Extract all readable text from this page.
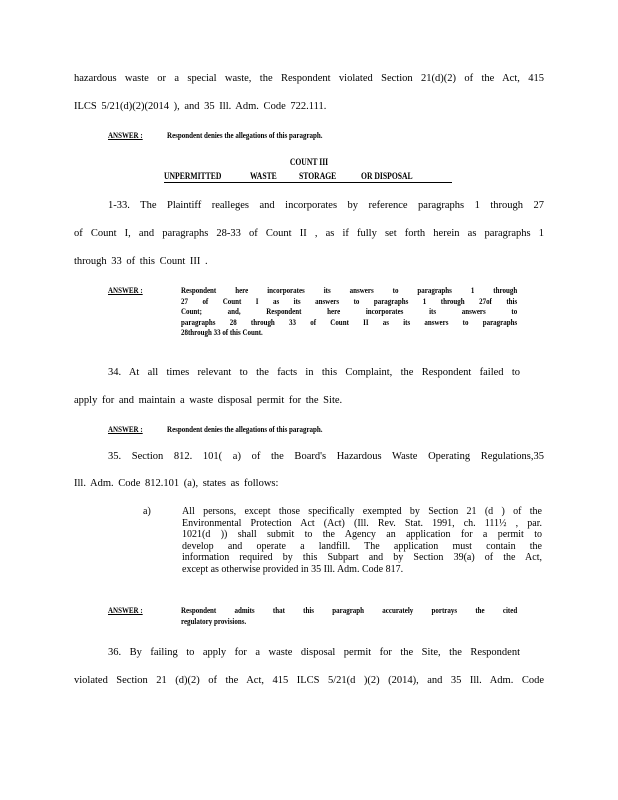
hazardous waste or a special waste, the Respondent violated Section 21(d)(2) of the Act, 415
ILCS 5/21(d)(2)(2014 ), and 35 Ill. Adm. Code 722.111.
ANSWER :	Respondent denies the allegations of this paragraph.
COUNT III
UNPERMITTED	WASTE	STORAGE	OR DISPOSAL
1-33. The Plaintiff realleges and incorporates by reference paragraphs 1 through 27
of Count I, and paragraphs 28-33 of Count II , as if fully set forth herein as paragraphs 1
through 33 of this Count III .
ANSWER :	Respondent here incorporates its answers to paragraphs 1 through
27 of Count I as its answers to paragraphs 1 through 27of this
Count; and, Respondent here incorporates its answers to
paragraphs 28 through 33 of Count II as its answers to paragraphs
28through 33 of this Count.
34. At all times relevant to the facts in this Complaint, the Respondent failed to
apply for and maintain a waste disposal permit for the Site.
ANSWER :	Respondent denies the allegations of this paragraph.
35. Section 812. 101( a) of the Board's Hazardous Waste Operating Regulations,35
Ill. Adm. Code 812.101 (a), states as follows:
a)	All persons, except those specifically exempted by Section 21 (d ) of the
Environmental Protection Act (Act) (Ill. Rev. Stat. 1991, ch. 111½ , par.
1021(d )) shall submit to the Agency an application for a permit to
develop and operate a landfill. The application must contain the
information required by this Subpart and by Section 39(a) of the Act,
except as otherwise provided in 35 Ill. Adm. Code 817.
ANSWER :	Respondent admits that this paragraph accurately portrays the cited
regulatory provisions.
36. By failing to apply for a waste disposal permit for the Site, the Respondent
violated Section 21 (d)(2) of the Act, 415 ILCS 5/21(d )(2) (2014), and 35 Ill. Adm. Code
